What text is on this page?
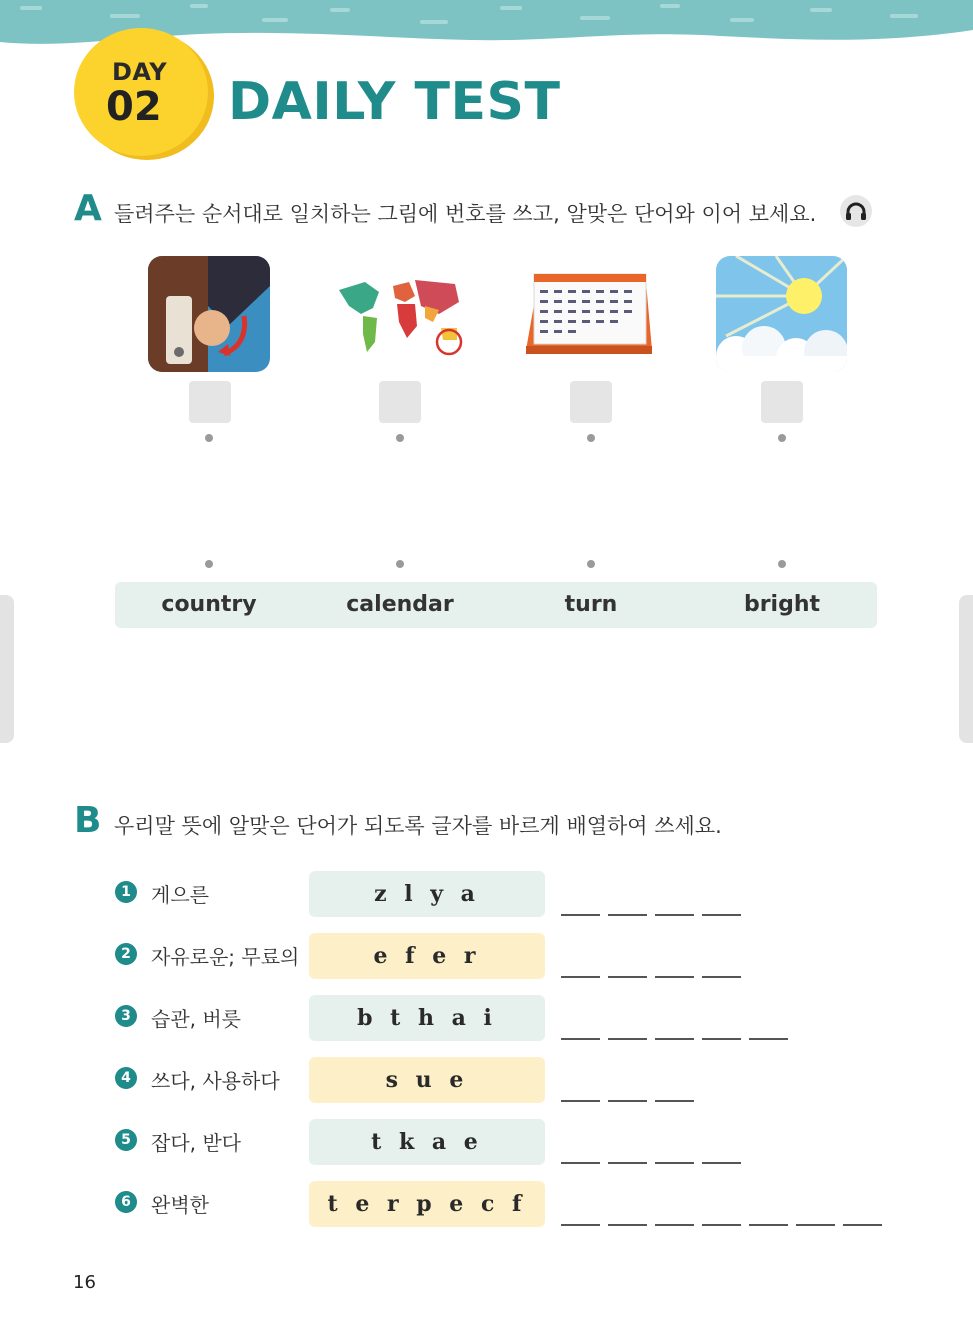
DAY
02 DAILY TEST
A 들려주는 순서대로 일치하는 그림에 번호를 쓰고, 알맞은 단어와 이어 보세요.
country	calendar	turn	bright
B 우리말 뜻에 알맞은 단어가 되도록 글자를 바르게 배열하여 쓰세요.
1	게으른	z l y a
2	자유로운; 무료의	e f e r
3	습관, 버릇	b t h a i
4	쓰다, 사용하다	s u e
5	잡다, 받다	t k a e
6	완벽한	t e r p e c f
16
